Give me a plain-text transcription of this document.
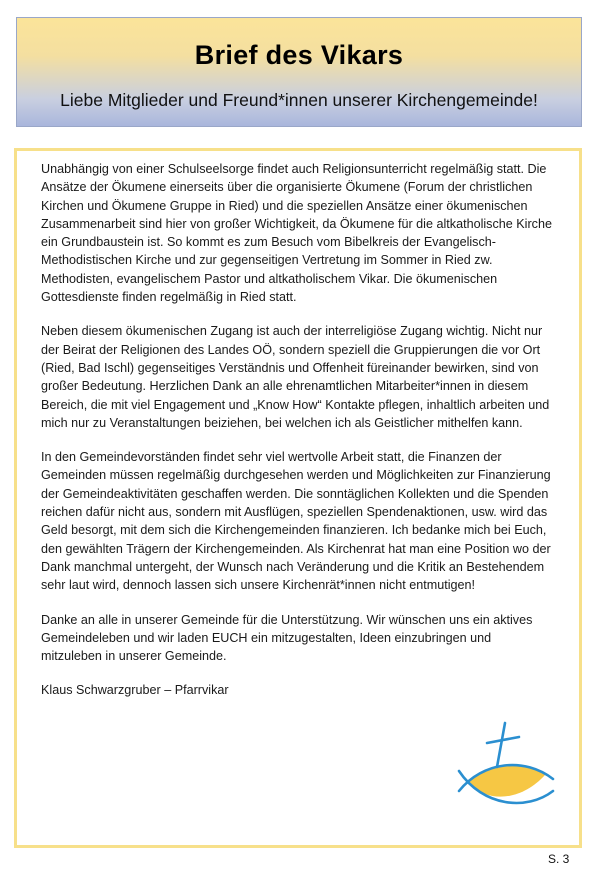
Brief des Vikars
Liebe Mitglieder und Freund*innen unserer Kirchengemeinde!

Unabhängig von einer Schulseelsorge findet auch Religionsunterricht regelmäßig statt. Die Ansätze der Ökumene einerseits über die organisierte Ökumene (Forum der christlichen Kirchen und Ökumene Gruppe in Ried) und die speziellen Ansätze einer ökumenischen Zusammenarbeit sind hier von großer Wichtigkeit, da Ökumene für die altkatholische Kirche ein Grundbaustein ist. So kommt es zum Besuch vom Bibelkreis der Evangelisch-Methodistischen Kirche und zur gegenseitigen Vertretung im Sommer in Ried zw. Methodisten, evangelischem Pastor und altkatholischem Vikar. Die ökumenischen Gottesdienste finden regelmäßig in Ried statt.

Neben diesem ökumenischen Zugang ist auch der interreligiöse Zugang wichtig. Nicht nur der Beirat der Religionen des Landes OÖ, sondern speziell die Gruppierungen die vor Ort (Ried, Bad Ischl) gegenseitiges Verständnis und Offenheit füreinander bewirken, sind von großer Bedeutung. Herzlichen Dank an alle ehrenamtlichen Mitarbeiter*innen in diesem Bereich, die mit viel Engagement und „Know How“ Kontakte pflegen, inhaltlich arbeiten und mich nur zu Veranstaltungen beiziehen, bei welchen ich als Geistlicher mithelfen kann.

In den Gemeindevorständen findet sehr viel wertvolle Arbeit statt, die Finanzen der Gemeinden müssen regelmäßig durchgesehen werden und Möglichkeiten zur Finanzierung der Gemeindeaktivitäten geschaffen werden. Die sonntäglichen Kollekten und die Spenden reichen dafür nicht aus, sondern mit Ausflügen, speziellen Spendenaktionen, usw. wird das Geld besorgt, mit dem sich die Kirchengemeinden finanzieren. Ich bedanke mich bei Euch, den gewählten Trägern der Kirchengemeinden. Als Kirchenrat hat man eine Position wo der Dank manchmal untergeht, der Wunsch nach Veränderung und die Kritik an Bestehendem sehr laut wird, dennoch lassen sich unsere Kirchenrät*innen nicht entmutigen!

Danke an alle in unserer Gemeinde für die Unterstützung. Wir wünschen uns ein aktives Gemeindeleben und wir laden EUCH ein mitzugestalten, Ideen einzubringen und mitzuleben in unserer Gemeinde.

Klaus Schwarzgruber – Pfarrvikar

S. 3
